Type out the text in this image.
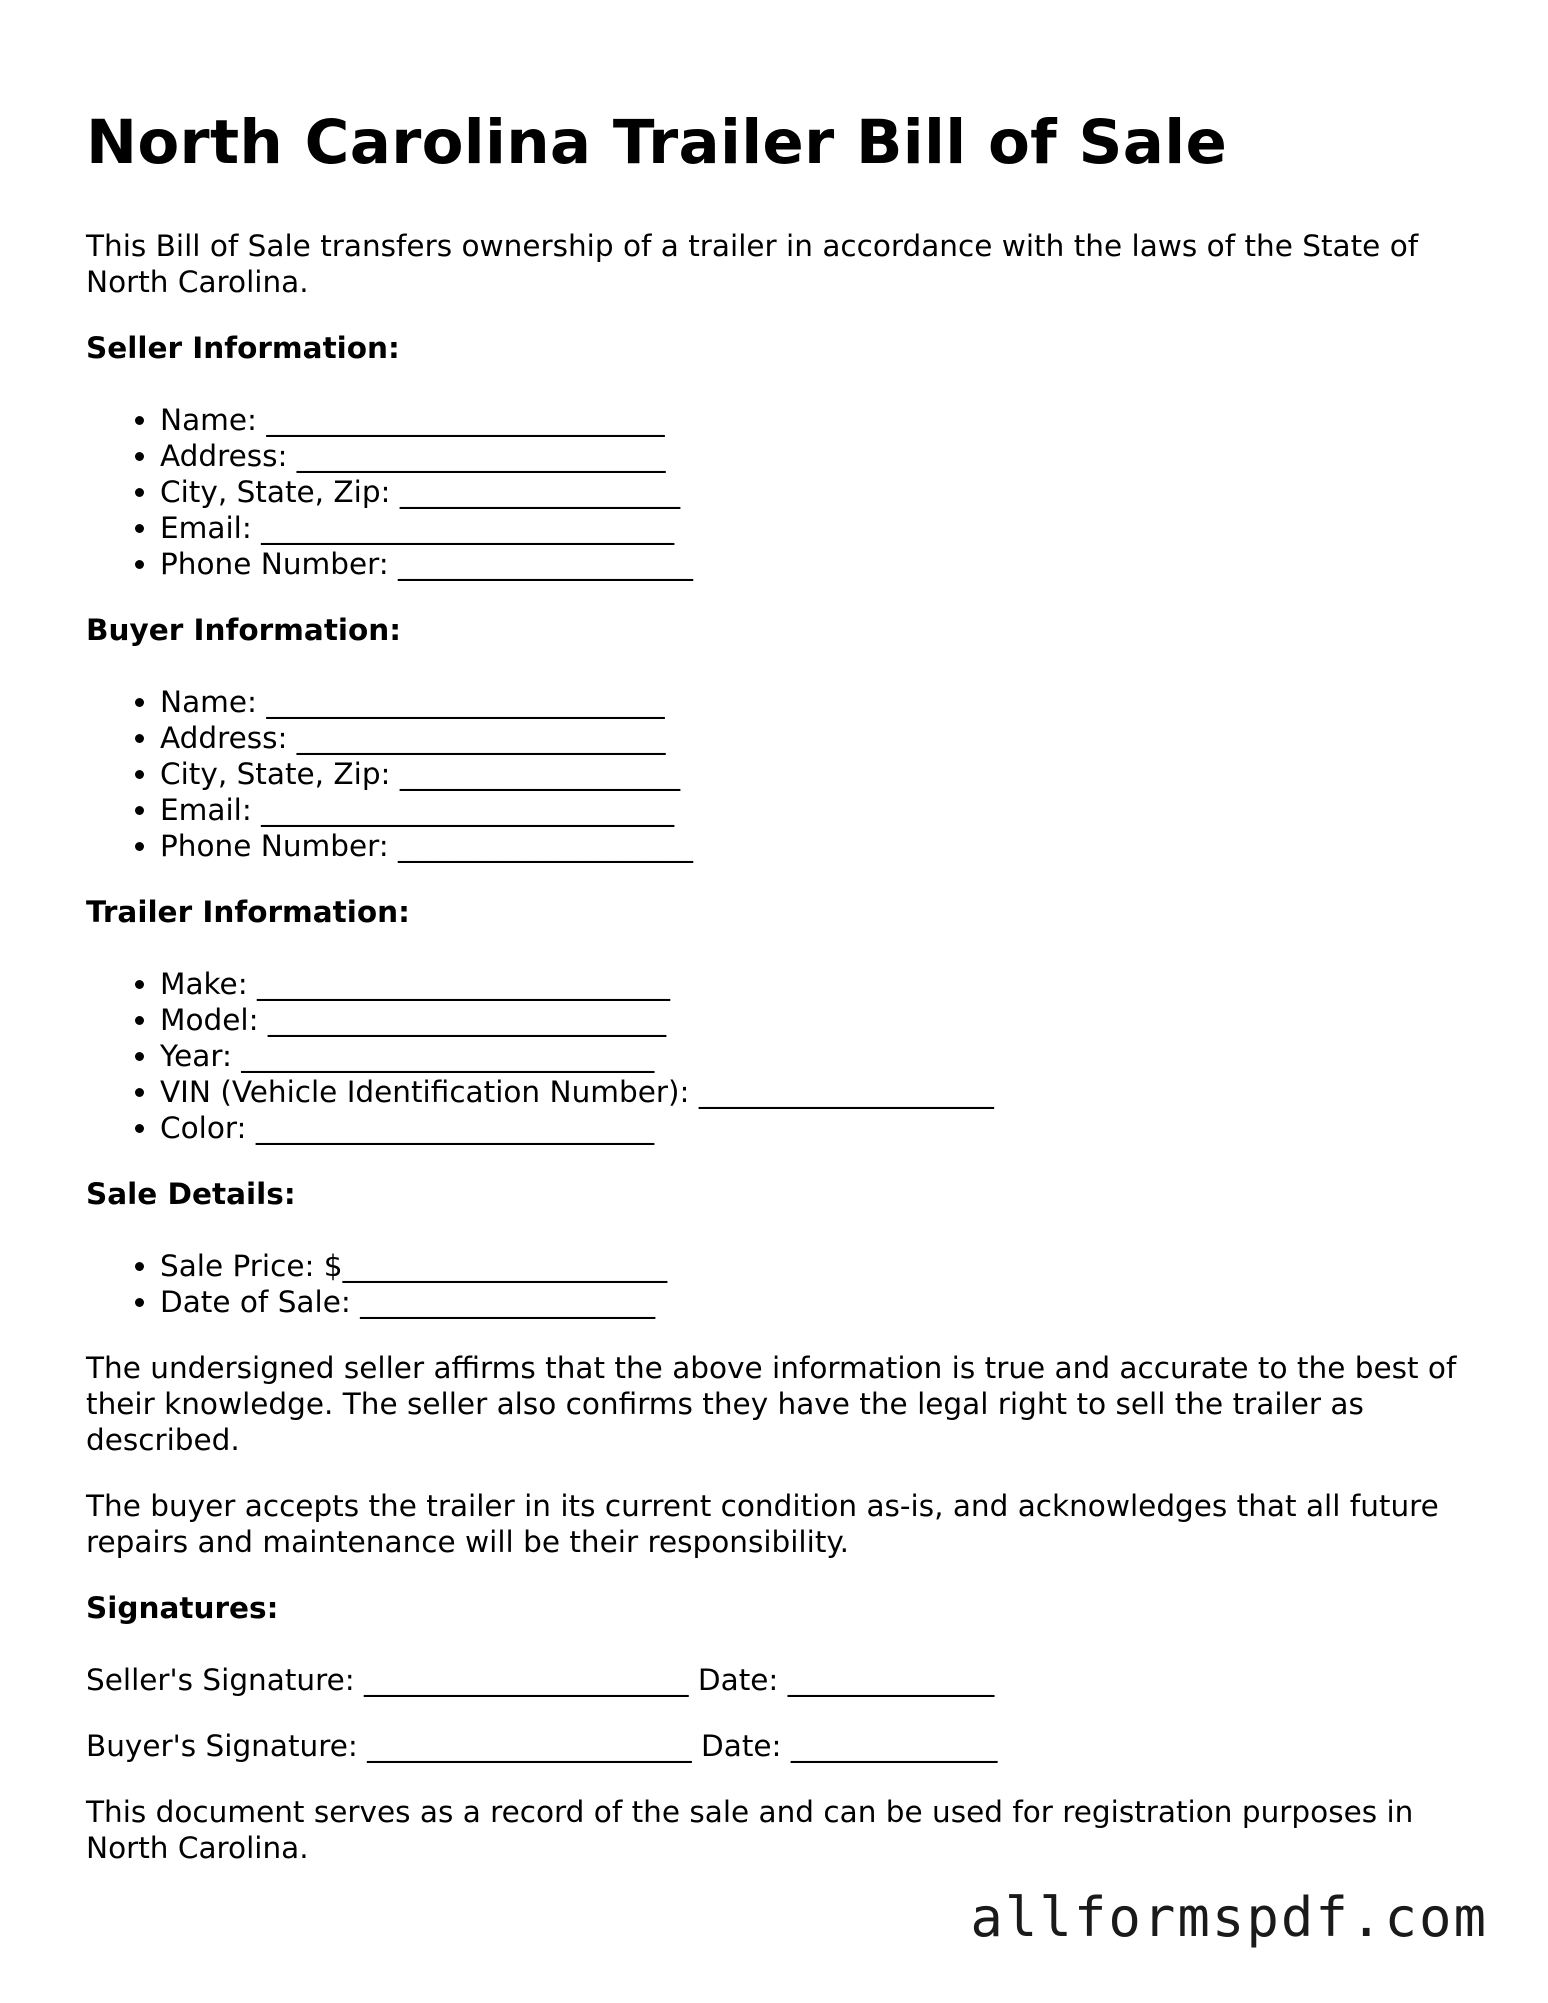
North Carolina Trailer Bill of Sale

This Bill of Sale transfers ownership of a trailer in accordance with the laws of the State of North Carolina.

Seller Information:
• Name: ___________________________
• Address: _________________________
• City, State, Zip: ___________________
• Email: ____________________________
• Phone Number: ____________________
Buyer Information:
• Name: ___________________________
• Address: _________________________
• City, State, Zip: ___________________
• Email: ____________________________
• Phone Number: ____________________
Trailer Information:
• Make: ____________________________
• Model: ___________________________
• Year: ____________________________
• VIN (Vehicle Identification Number): ____________________
• Color: ___________________________
Sale Details:
• Sale Price: $______________________
• Date of Sale: ____________________

The undersigned seller affirms that the above information is true and accurate to the best of their knowledge. The seller also confirms they have the legal right to sell the trailer as described.

The buyer accepts the trailer in its current condition as-is, and acknowledges that all future repairs and maintenance will be their responsibility.

Signatures:
Seller's Signature: ______________________ Date: ______________
Buyer's Signature: ______________________ Date: ______________

This document serves as a record of the sale and can be used for registration purposes in North Carolina.

allformspdf.com
